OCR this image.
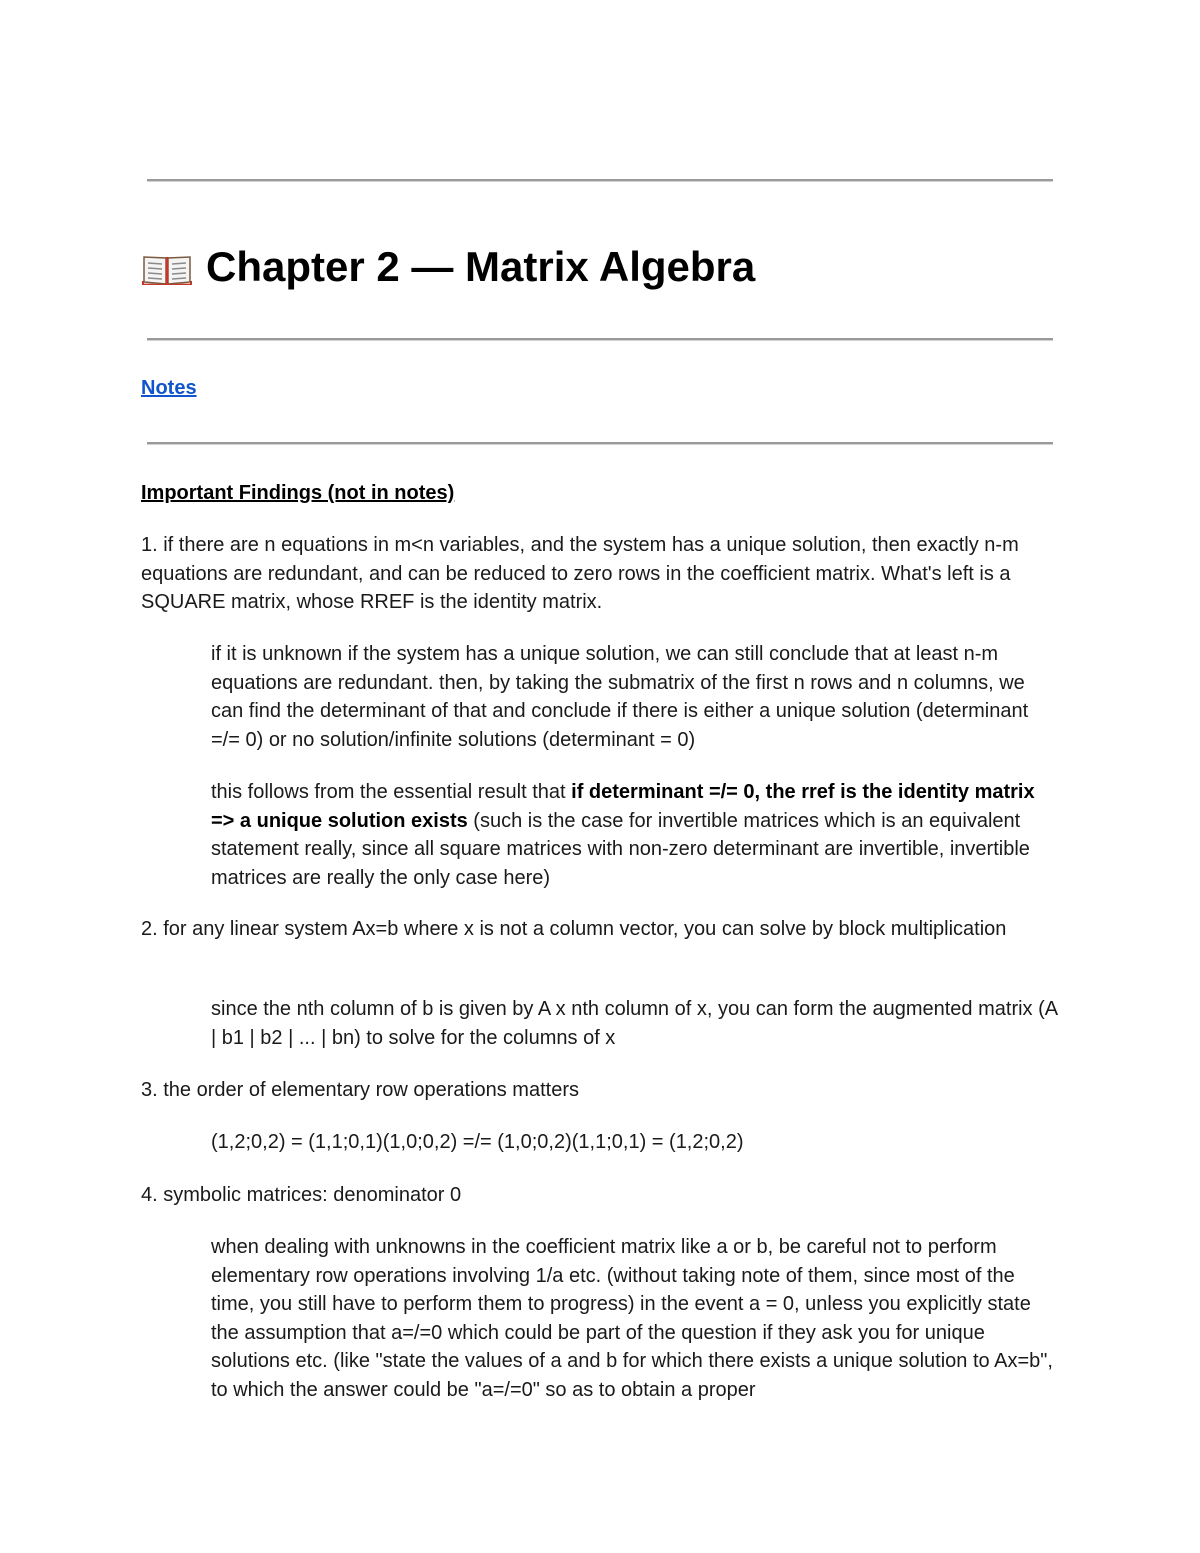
Chapter 2 — Matrix Algebra
Notes
Important Findings (not in notes)

1. if there are n equations in m<n variables, and the system has a unique solution, then exactly n-m equations are redundant, and can be reduced to zero rows in the coefficient matrix. What's left is a SQUARE matrix, whose RREF is the identity matrix.

if it is unknown if the system has a unique solution, we can still conclude that at least n-m equations are redundant. then, by taking the submatrix of the first n rows and n columns, we can find the determinant of that and conclude if there is either a unique solution (determinant =/= 0) or no solution/infinite solutions (determinant = 0)

this follows from the essential result that if determinant =/= 0, the rref is the identity matrix => a unique solution exists (such is the case for invertible matrices which is an equivalent statement really, since all square matrices with non-zero determinant are invertible, invertible matrices are really the only case here)

2. for any linear system Ax=b where x is not a column vector, you can solve by block multiplication

since the nth column of b is given by A x nth column of x, you can form the augmented matrix (A | b1 | b2 | ... | bn) to solve for the columns of x

3. the order of elementary row operations matters

(1,2;0,2) = (1,1;0,1)(1,0;0,2) =/= (1,0;0,2)(1,1;0,1) = (1,2;0,2)

4. symbolic matrices: denominator 0

when dealing with unknowns in the coefficient matrix like a or b, be careful not to perform elementary row operations involving 1/a etc. (without taking note of them, since most of the time, you still have to perform them to progress) in the event a = 0, unless you explicitly state the assumption that a=/=0 which could be part of the question if they ask you for unique solutions etc. (like "state the values of a and b for which there exists a unique solution to Ax=b", to which the answer could be "a=/=0" so as to obtain a proper
